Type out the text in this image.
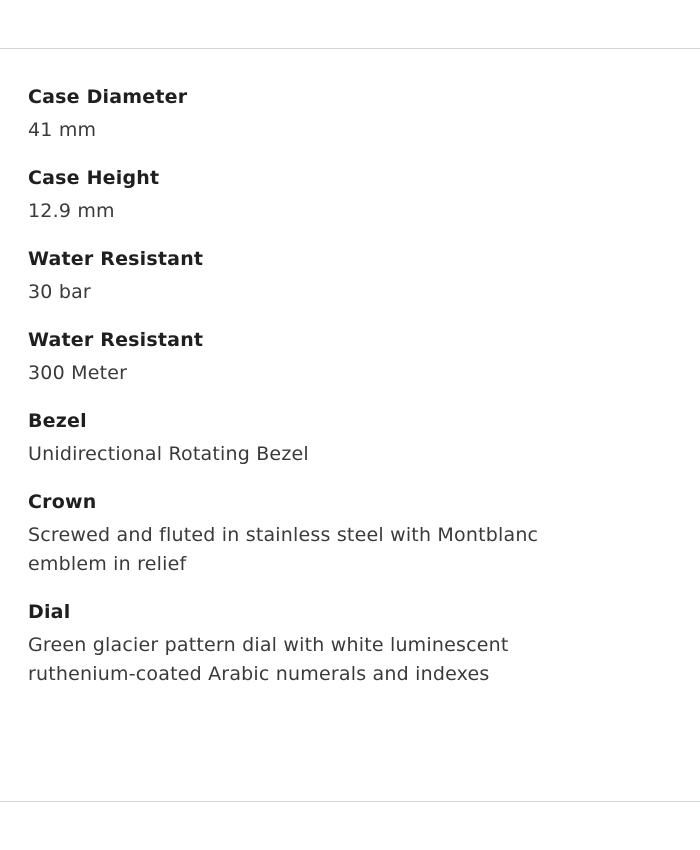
Case Diameter
41 mm
Case Height
12.9 mm
Water Resistant
30 bar
Water Resistant
300 Meter
Bezel
Unidirectional Rotating Bezel
Crown
Screwed and fluted in stainless steel with Montblanc emblem in relief
Dial
Green glacier pattern dial with white luminescent ruthenium-coated Arabic numerals and indexes
